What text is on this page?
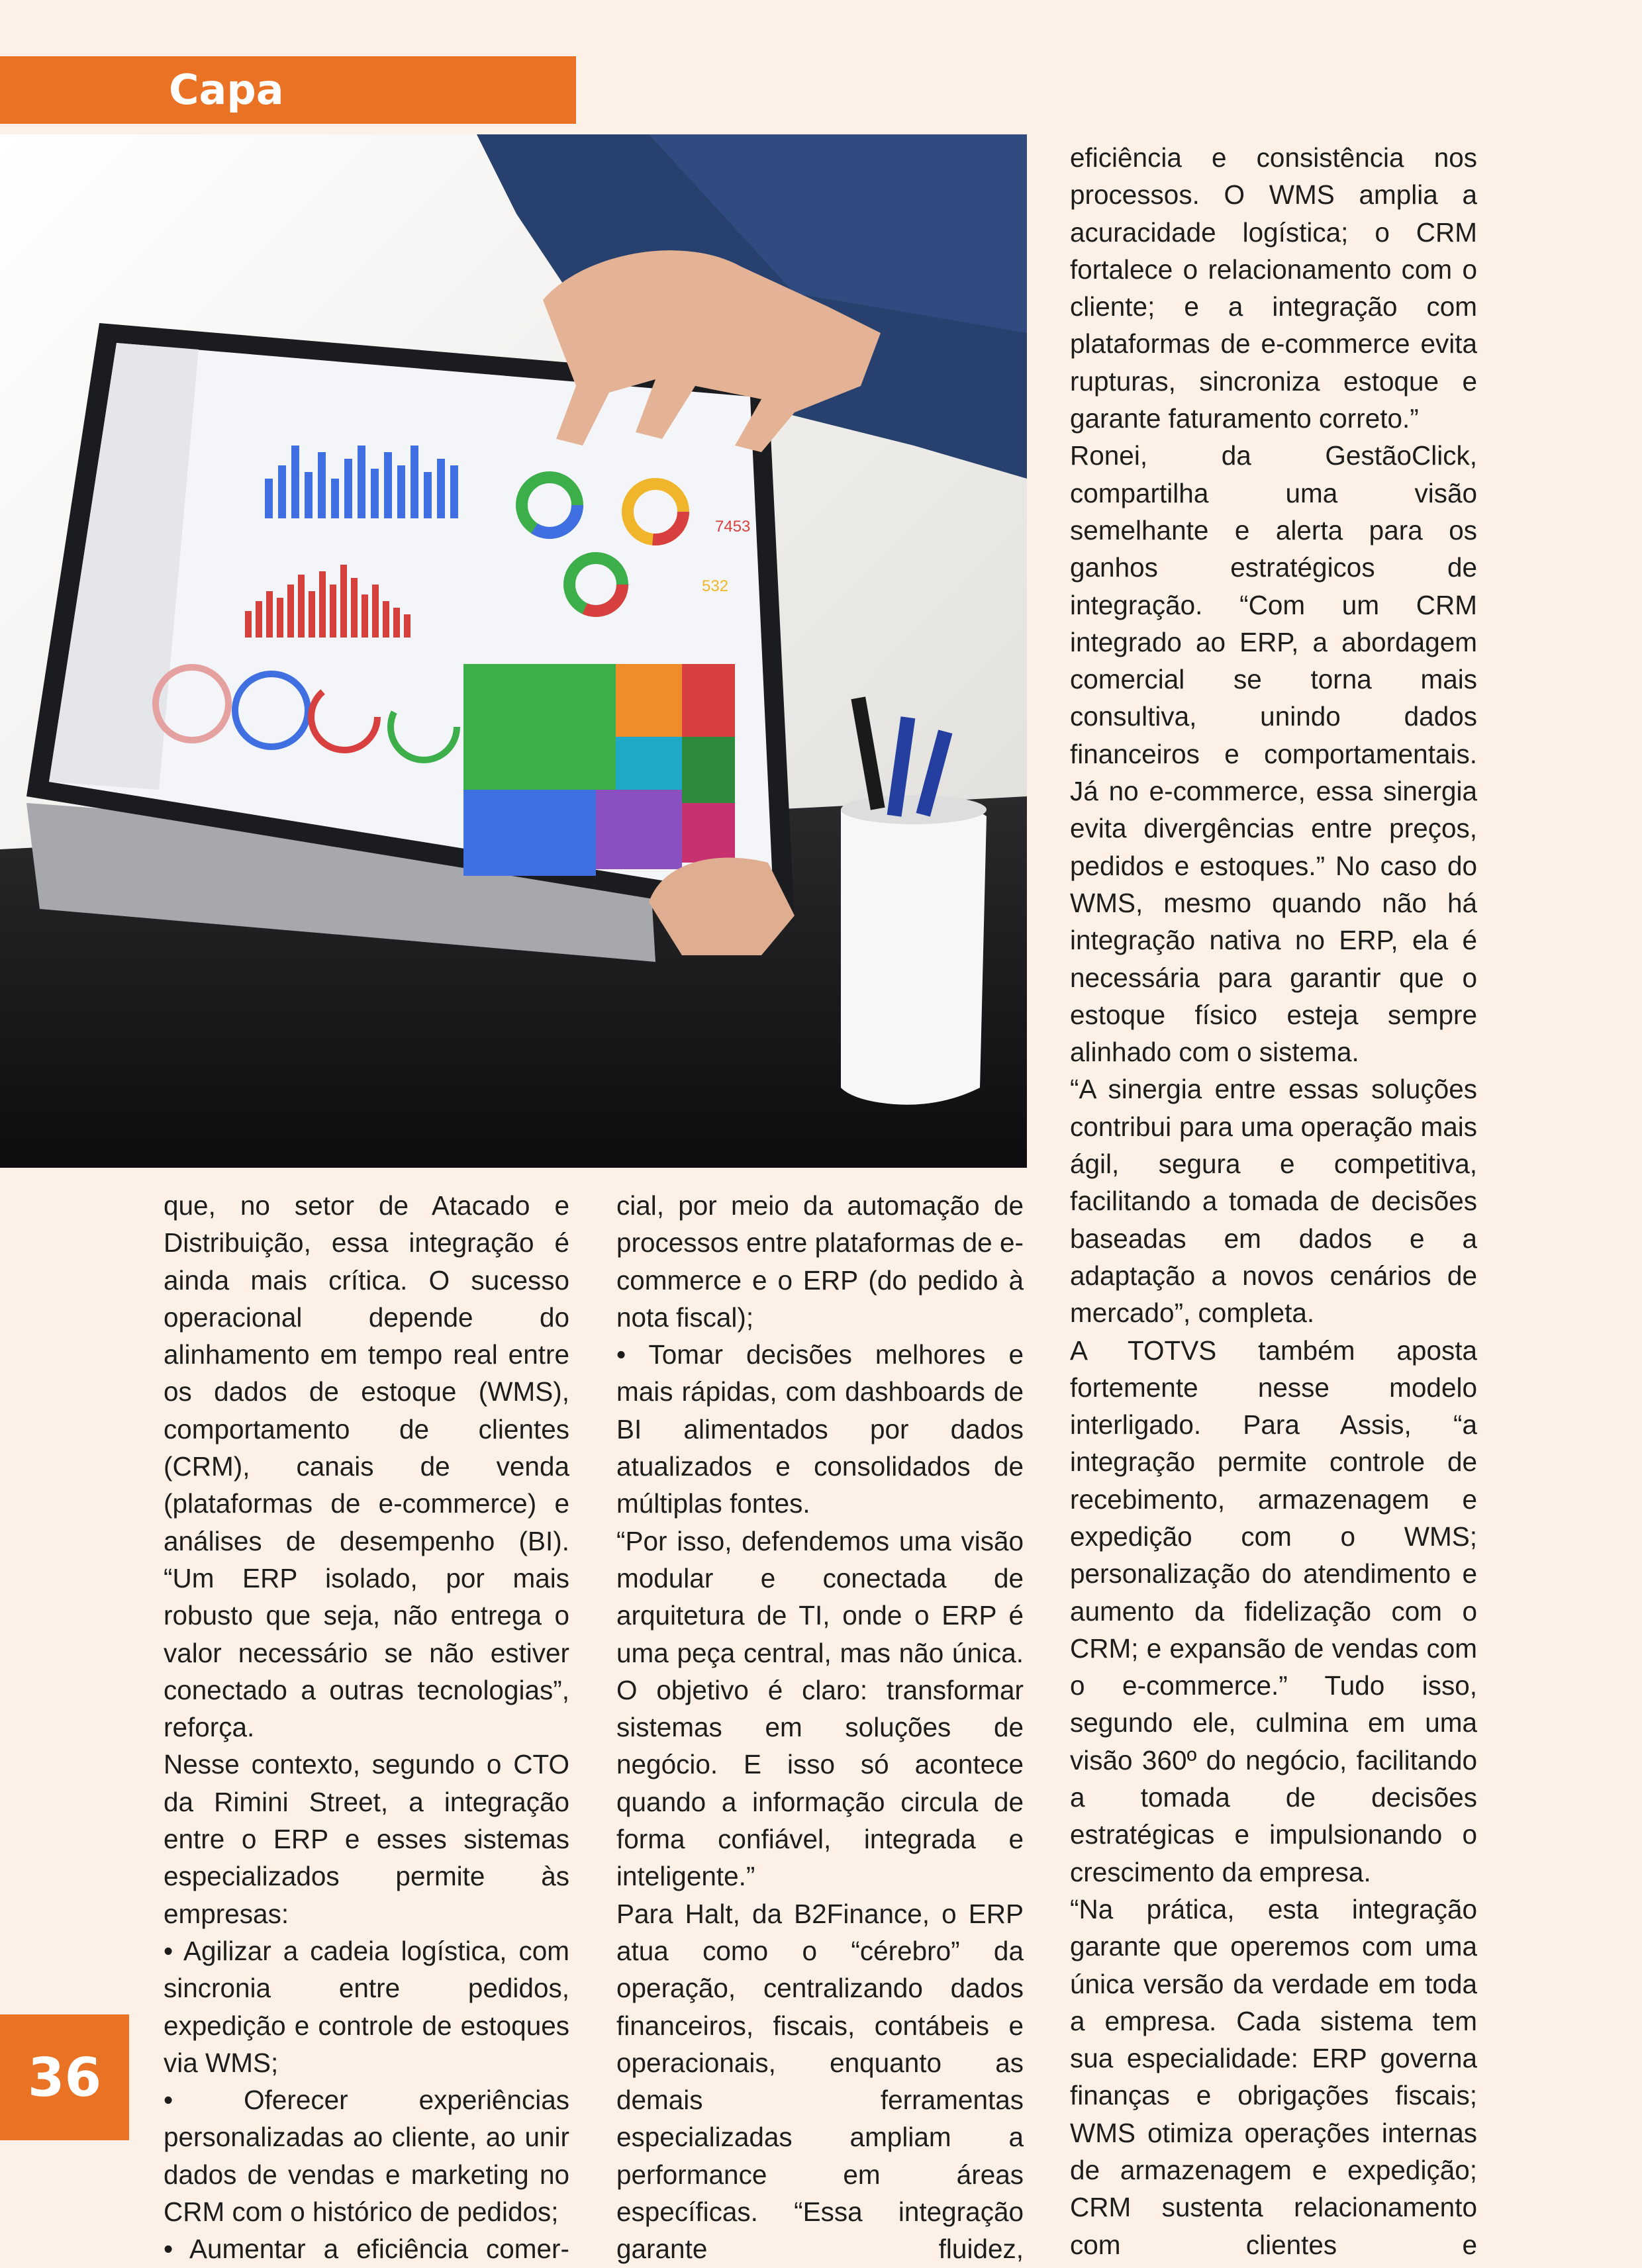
Capa
7453
532

que, no setor de Atacado e Distribuição, essa integração é ainda mais crítica. O sucesso operacional depende do alinhamento em tempo real entre os dados de estoque (WMS), comportamento de clientes (CRM), canais de venda (plataformas de e-commerce) e análises de desempenho (BI). “Um ERP isolado, por mais robusto que seja, não entrega o valor necessário se não estiver conectado a outras tecnologias”, reforça.

Nesse contexto, segundo o CTO da Rimini Street, a integração entre o ERP e esses sistemas especializados permite às empresas:

• Agilizar a cadeia logística, com sincronia entre pedidos, expedição e controle de estoques via WMS;

• Oferecer experiências personalizadas ao cliente, ao unir dados de vendas e marketing no CRM com o histórico de pedidos;

• Aumentar a eficiência comer-

cial, por meio da automação de processos entre plataformas de e-commerce e o ERP (do pedido à nota fiscal);

• Tomar decisões melhores e mais rápidas, com dashboards de BI alimentados por dados atualizados e consolidados de múltiplas fontes.

“Por isso, defendemos uma visão modular e conectada de arquitetura de TI, onde o ERP é uma peça central, mas não única. O objetivo é claro: transformar sistemas em soluções de negócio. E isso só acontece quando a informação circula de forma confiável, integrada e inteligente.”

Para Halt, da B2Finance, o ERP atua como o “cérebro” da operação, centralizando dados financeiros, fiscais, contábeis e operacionais, enquanto as demais ferramentas especializadas ampliam a performance em áreas específicas. “Essa integração garante fluidez,

eficiência e consistência nos processos. O WMS amplia a acuracidade logística; o CRM fortalece o relacionamento com o cliente; e a integração com plataformas de e-commerce evita rupturas, sincroniza estoque e garante faturamento correto.”

Ronei, da GestãoClick, compartilha uma visão semelhante e alerta para os ganhos estratégicos de integração. “Com um CRM integrado ao ERP, a abordagem comercial se torna mais consultiva, unindo dados financeiros e comportamentais. Já no e-commerce, essa sinergia evita divergências entre preços, pedidos e estoques.” No caso do WMS, mesmo quando não há integração nativa no ERP, ela é necessária para garantir que o estoque físico esteja sempre alinhado com o sistema.

“A sinergia entre essas soluções contribui para uma operação mais ágil, segura e competitiva, facilitando a tomada de decisões baseadas em dados e a adaptação a novos cenários de mercado”, completa.

A TOTVS também aposta fortemente nesse modelo interligado. Para Assis, “a integração permite controle de recebimento, armazenagem e expedição com o WMS; personalização do atendimento e aumento da fidelização com o CRM; e expansão de vendas com o e-commerce.” Tudo isso, segundo ele, culmina em uma visão 360º do negócio, facilitando a tomada de decisões estratégicas e impulsionando o crescimento da empresa.

“Na prática, esta integração garante que operemos com uma única versão da verdade em toda a empresa. Cada sistema tem sua especialidade: ERP governa finanças e obrigações fiscais; WMS otimiza operações internas de armazenagem e expedição; CRM sustenta relacionamento com clientes e

36
